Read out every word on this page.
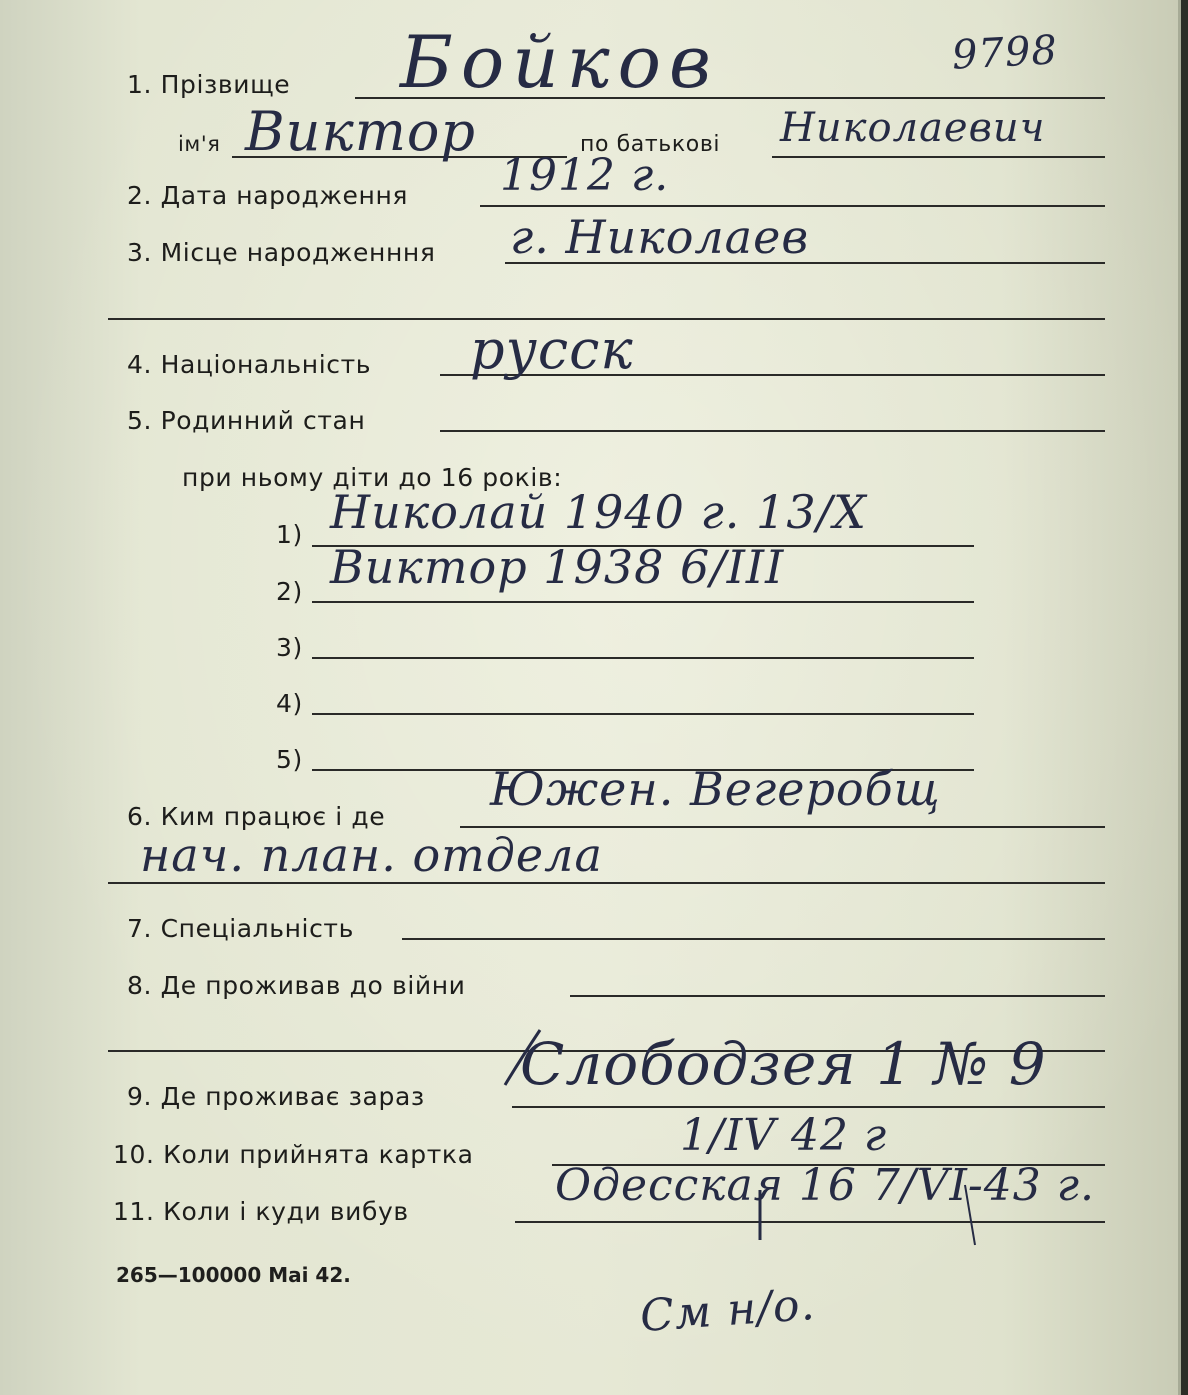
9798
1. Прізвище Бойков
ім'я Виктор	по батькові Николаевич
2. Дата народження 1912 г.
3. Місце народженння г. Николаев
4. Національність русск
5. Родинний стан
при ньому діти до 16 років:
1) Николай 1940 г. 13/X
2) Виктор 1938 6/III
3)
4)
5)
6. Ким працює і де
Южен. Вегеробщ
нач. план. отдела
7. Спеціальність
8. Де проживав до війни
9. Де проживає зараз Слободзея 1 № 9
10. Коли прийнята картка	1/IV 42 г
11. Коли і куди вибув
Одесская 16 7/VI-43 г.
265—100000 Mai 42.
См н/о.
